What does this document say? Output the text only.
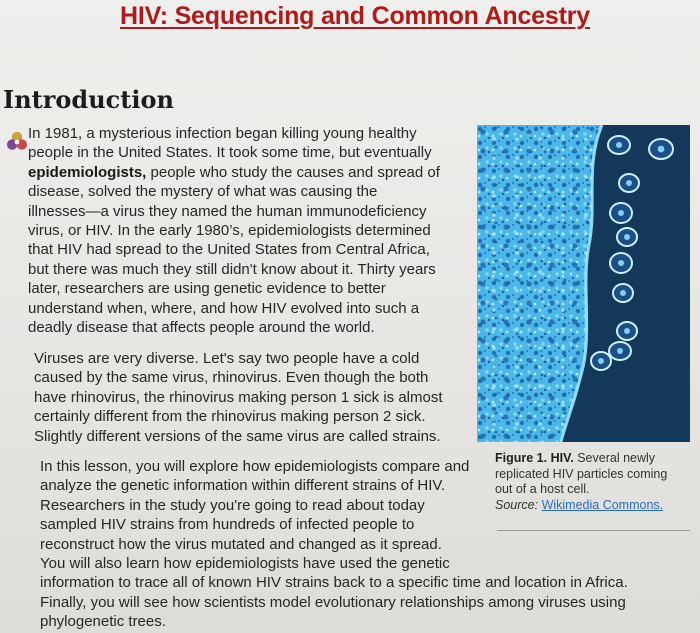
HIV: Sequencing and Common Ancestry
Introduction

In 1981, a mysterious infection began killing young healthy
people in the United States. It took some time, but eventually
epidemiologists, people who study the causes and spread of
disease, solved the mystery of what was causing the
illnesses—a virus they named the human immunodeficiency
virus, or HIV. In the early 1980’s, epidemiologists determined
that HIV had spread to the United States from Central Africa,
but there was much they still didn't know about it. Thirty years
later, researchers are using genetic evidence to better
understand when, where, and how HIV evolved into such a
deadly disease that affects people around the world.

Viruses are very diverse. Let's say two people have a cold
caused by the same virus, rhinovirus. Even though the both
have rhinovirus, the rhinovirus making person 1 sick is almost
certainly different from the rhinovirus making person 2 sick.
Slightly different versions of the same virus are called strains.

Figure 1. HIV. Several newly
replicated HIV particles coming
out of a host cell.
Source: Wikimedia Commons.

In this lesson, you will explore how epidemiologists compare and
analyze the genetic information within different strains of HIV.
Researchers in the study you're going to read about today
sampled HIV strains from hundreds of infected people to
reconstruct how the virus mutated and changed as it spread.
You will also learn how epidemiologists have used the genetic
information to trace all of known HIV strains back to a specific time and location in Africa.
Finally, you will see how scientists model evolutionary relationships among viruses using
phylogenetic trees.
